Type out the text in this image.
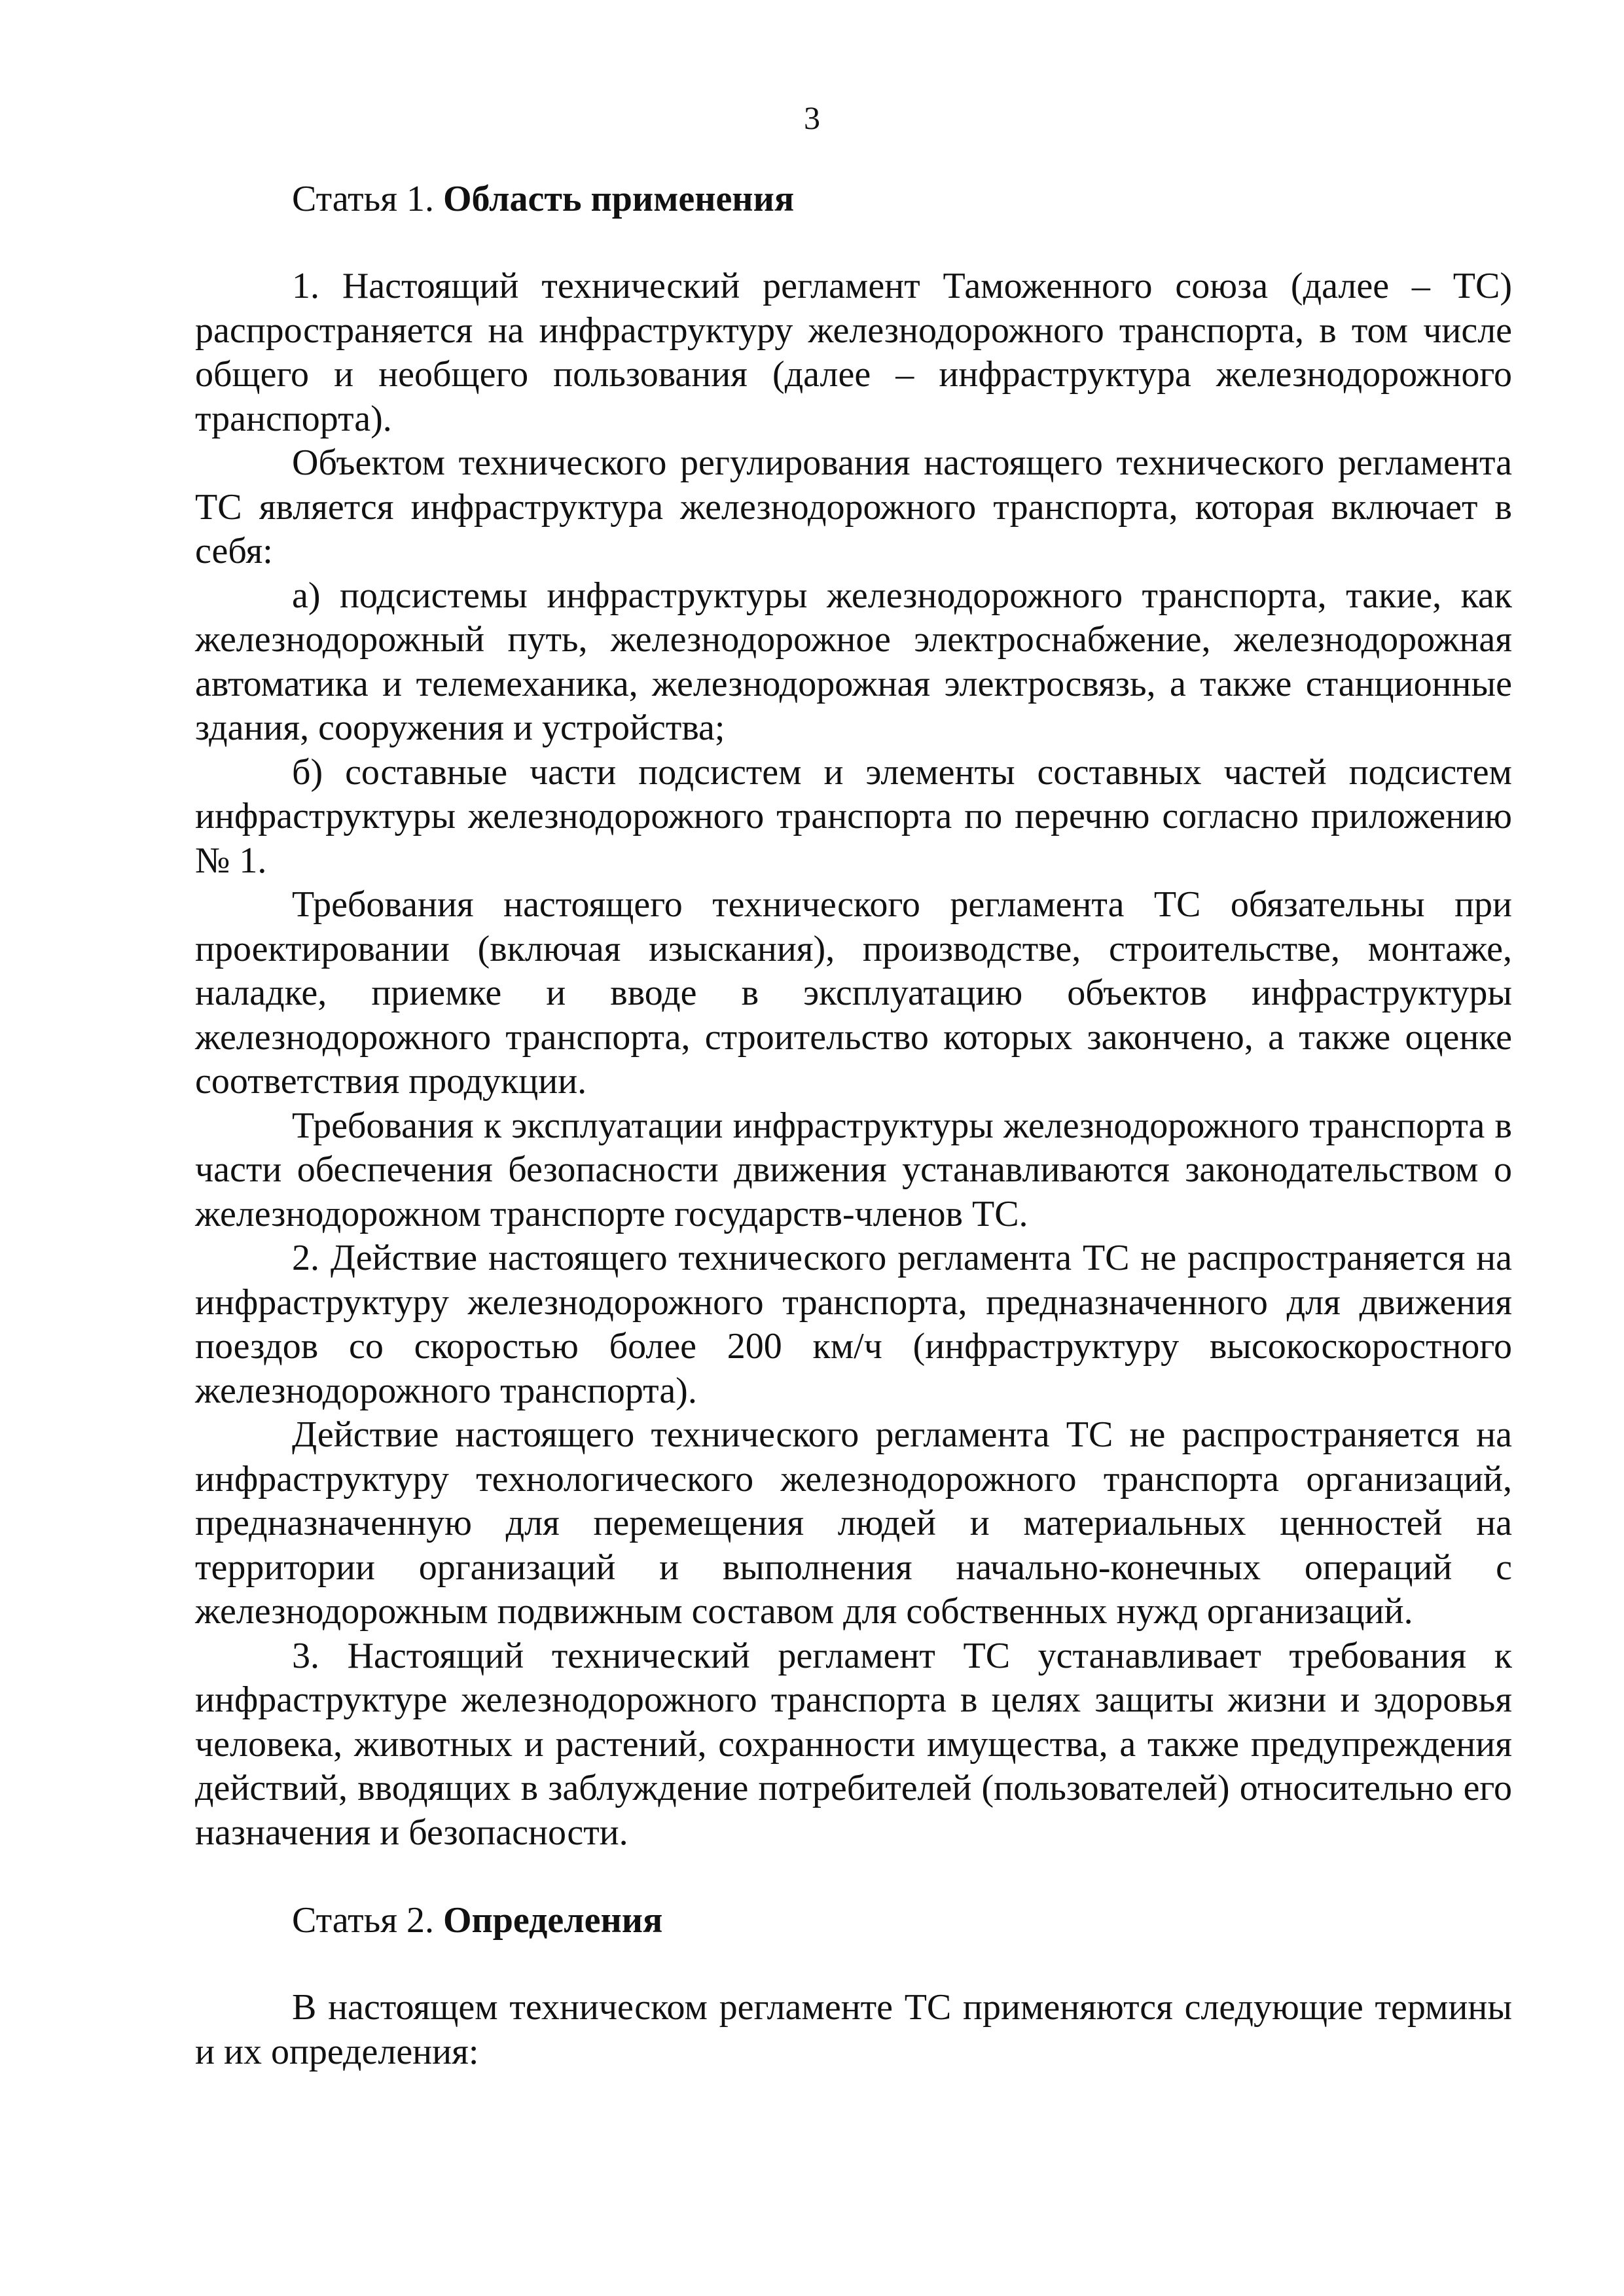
3
Статья 1. Область применения

1. Настоящий технический регламент Таможенного союза (далее – ТС) распространяется на инфраструктуру железнодорожного транспорта, в том числе общего и необщего пользования (далее – инфраструктура железнодорожного транспорта).

Объектом технического регулирования настоящего технического регламента ТС является инфраструктура железнодорожного транспорта, которая включает в себя:

а) подсистемы инфраструктуры железнодорожного транспорта, такие, как железнодорожный путь, железнодорожное электроснабжение, железнодорожная автоматика и телемеханика, железнодорожная электросвязь, а также станционные здания, сооружения и устройства;

б) составные части подсистем и элементы составных частей подсистем инфраструктуры железнодорожного транспорта по перечню согласно приложению № 1.

Требования настоящего технического регламента ТС обязательны при проектировании (включая изыскания), производстве, строительстве, монтаже, наладке, приемке и вводе в эксплуатацию объектов инфраструктуры железнодорожного транспорта, строительство которых закончено, а также оценке соответствия продукции.

Требования к эксплуатации инфраструктуры железнодорожного транспорта в части обеспечения безопасности движения устанавливаются законодательством о железнодорожном транспорте государств-членов ТС.

2. Действие настоящего технического регламента ТС не распространяется на инфраструктуру железнодорожного транспорта, предназначенного для движения поездов со скоростью более 200 км/ч (инфраструктуру высокоскоростного железнодорожного транспорта).

Действие настоящего технического регламента ТС не распространяется на инфраструктуру технологического железнодорожного транспорта организаций, предназначенную для перемещения людей и материальных ценностей на территории организаций и выполнения начально-конечных операций с железнодорожным подвижным составом для собственных нужд организаций.

3. Настоящий технический регламент ТС устанавливает требования к инфраструктуре железнодорожного транспорта в целях защиты жизни и здоровья человека, животных и растений, сохранности имущества, а также предупреждения действий, вводящих в заблуждение потребителей (пользователей) относительно его назначения и безопасности.

Статья 2. Определения

В настоящем техническом регламенте ТС применяются следующие термины и их определения:
